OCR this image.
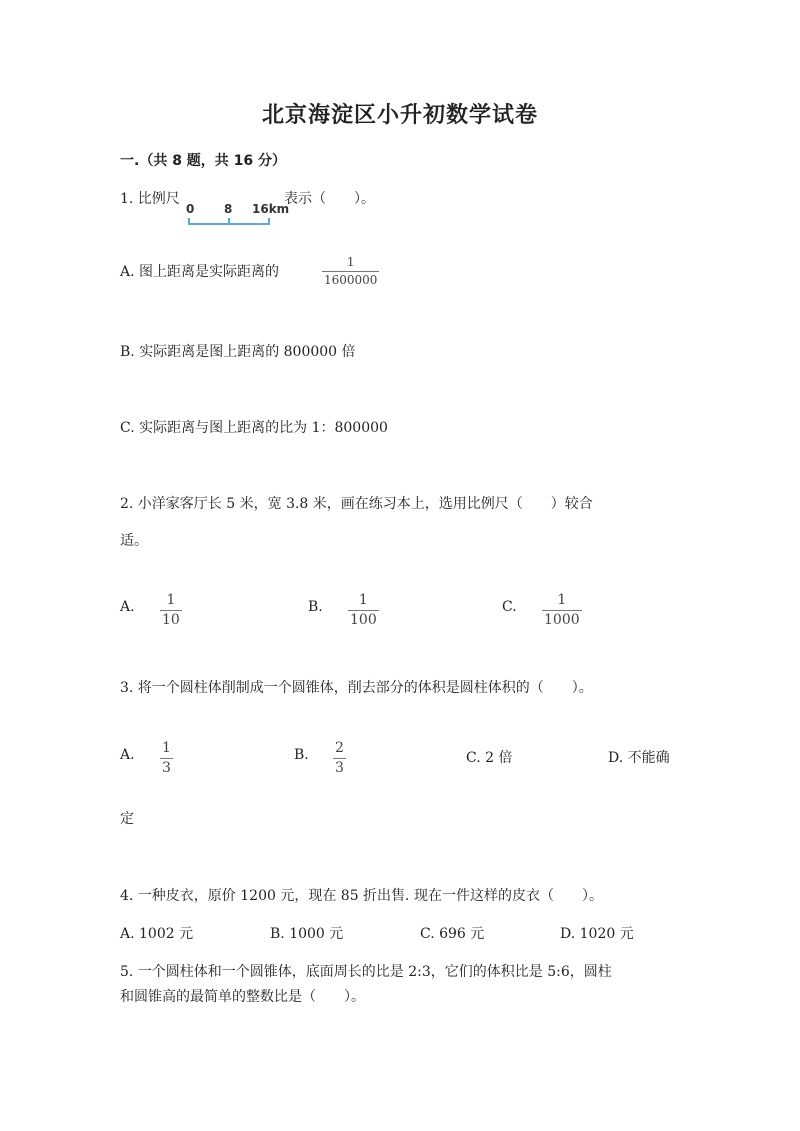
北京海淀区小升初数学试卷
一.（共 8 题，共 16 分）
1. 比例尺
0 8 16km
表示（　　）。
A. 图上距离是实际距离的	$\frac{1}{1600000}$
B. 实际距离是图上距离的 800000 倍
C. 实际距离与图上距离的比为 1：800000
2. 小洋家客厅长 5 米，宽 3.8 米，画在练习本上，选用比例尺（　　）较合
适。
A. $\frac{1}{10}$	B. $\frac{1}{100}$	C. $\frac{1}{1000}$
3. 将一个圆柱体削制成一个圆锥体，削去部分的体积是圆柱体积的（　　）。
A. $\frac{1}{3}$	B. $\frac{2}{3}$	C. 2 倍	D. 不能确
定
4. 一种皮衣，原价 1200 元，现在 85 折出售. 现在一件这样的皮衣（　　）。
A. 1002 元	B. 1000 元	C. 696 元	D. 1020 元
5. 一个圆柱体和一个圆锥体，底面周长的比是 2:3，它们的体积比是 5:6，圆柱
和圆锥高的最简单的整数比是（　　）。
